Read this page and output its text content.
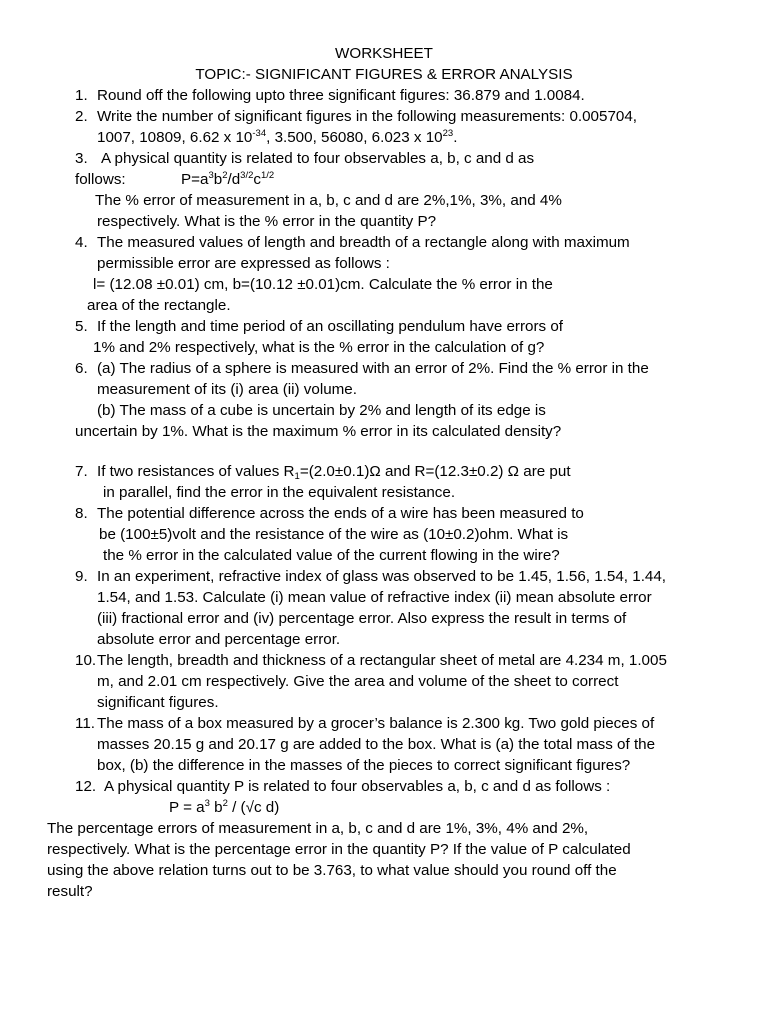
WORKSHEET
TOPIC:- SIGNIFICANT FIGURES & ERROR ANALYSIS
1. Round off the following upto three significant figures: 36.879 and 1.0084.
2. Write the number of significant figures in the following measurements: 0.005704,
1007, 10809, 6.62 x $10^{-34}$, 3.500, 56080, 6.023 x $10^{23}$.
3. A physical quantity is related to four observables a, b, c and d as
follows:	$P=a^3b^2/d^{3/2}c^{1/2}$
The % error of measurement in a, b, c and d are 2%,1%, 3%, and 4%
respectively. What is the % error in the quantity P?
4. The measured values of length and breadth of a rectangle along with maximum
permissible error are expressed as follows :
l= (12.08 ±0.01) cm, b=(10.12 ±0.01)cm. Calculate the % error in the
area of the rectangle.
5. If the length and time period of an oscillating pendulum have errors of
1% and 2% respectively, what is the % error in the calculation of g?
6. (a) The radius of a sphere is measured with an error of 2%. Find the % error in the
measurement of its (i) area (ii) volume.
(b) The mass of a cube is uncertain by 2% and length of its edge is
uncertain by 1%. What is the maximum % error in its calculated density?
7. If two resistances of values $R_1=(2.0\pm 0.1)\Omega$ and R=(12.3±0.2) Ω are put
in parallel, find the error in the equivalent resistance.
8. The potential difference across the ends of a wire has been measured to
be (100±5)volt and the resistance of the wire as (10±0.2)ohm. What is
the % error in the calculated value of the current flowing in the wire?
9. In an experiment, refractive index of glass was observed to be 1.45, 1.56, 1.54, 1.44,
1.54, and 1.53. Calculate (i) mean value of refractive index (ii) mean absolute error
(iii) fractional error and (iv) percentage error. Also express the result in terms of
absolute error and percentage error.
10. The length, breadth and thickness of a rectangular sheet of metal are 4.234 m, 1.005
m, and 2.01 cm respectively. Give the area and volume of the sheet to correct
significant figures.
11. The mass of a box measured by a grocer’s balance is 2.300 kg. Two gold pieces of
masses 20.15 g and 20.17 g are added to the box. What is (a) the total mass of the
box, (b) the difference in the masses of the pieces to correct significant figures?
12. A physical quantity P is related to four observables a, b, c and d as follows :
$P = a^3$ $b^2 / (√c$ d)
The percentage errors of measurement in a, b, c and d are 1%, 3%, 4% and 2%,
respectively. What is the percentage error in the quantity P? If the value of P calculated
using the above relation turns out to be 3.763, to what value should you round off the
result?
